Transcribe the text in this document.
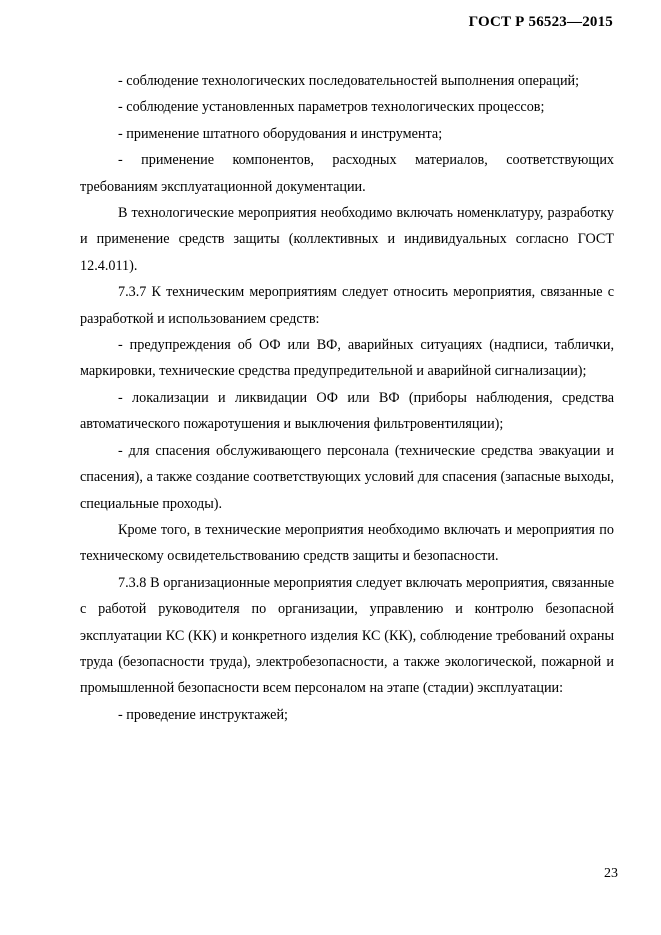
ГОСТ Р 56523—2015

- соблюдение технологических последовательностей выполнения операций;

- соблюдение установленных параметров технологических процессов;

- применение штатного оборудования и инструмента;

- применение компонентов, расходных материалов, соответствующих требованиям эксплуатационной документации.

В технологические мероприятия необходимо включать номенклатуру, разработку и применение средств защиты (коллективных и индивидуальных согласно ГОСТ 12.4.011).

7.3.7 К техническим мероприятиям следует относить мероприятия, связанные с разработкой и использованием средств:

- предупреждения об ОФ или ВФ, аварийных ситуациях (надписи, таблички, маркировки, технические средства предупредительной и аварийной сигнализации);

- локализации и ликвидации ОФ или ВФ (приборы наблюдения, средства автоматического пожаротушения и выключения фильтровентиляции);

- для спасения обслуживающего персонала (технические средства эвакуации и спасения), а также создание соответствующих условий для спасения (запасные выходы, специальные проходы).

Кроме того, в технические мероприятия необходимо включать и мероприятия по техническому освидетельствованию средств защиты и безопасности.

7.3.8 В организационные мероприятия следует включать мероприятия, связанные с работой руководителя по организации, управлению и контролю безопасной эксплуатации КС (КК) и конкретного изделия КС (КК), соблюдение требований охраны труда (безопасности труда), электробезопасности, а также экологической, пожарной и промышленной безопасности всем персоналом на этапе (стадии) эксплуатации:

- проведение инструктажей;

23
